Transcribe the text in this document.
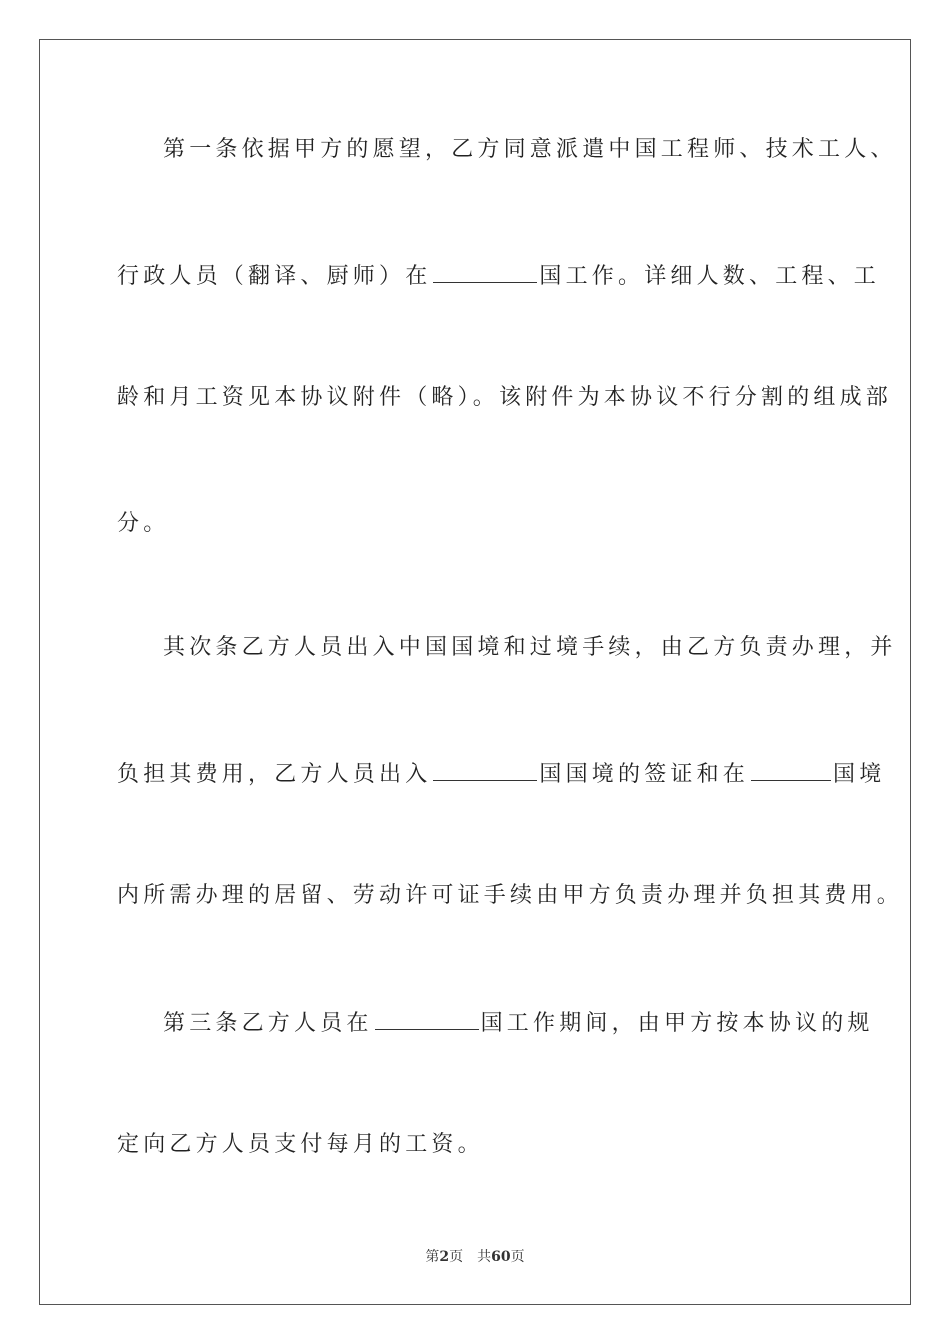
第一条依据甲方的愿望，乙方同意派遣中国工程师、技术工人、
行政人员（翻译、厨师）在	国工作。详细人数、工程、工
龄和月工资见本协议附件（略）。该附件为本协议不行分割的组成部
分。
其次条乙方人员出入中国国境和过境手续，由乙方负责办理，并
负担其费用，乙方人员出入	国国境的签证和在	国境
内所需办理的居留、劳动许可证手续由甲方负责办理并负担其费用。
第三条乙方人员在	国工作期间，由甲方按本协议的规
定向乙方人员支付每月的工资。
第2页 共60页
